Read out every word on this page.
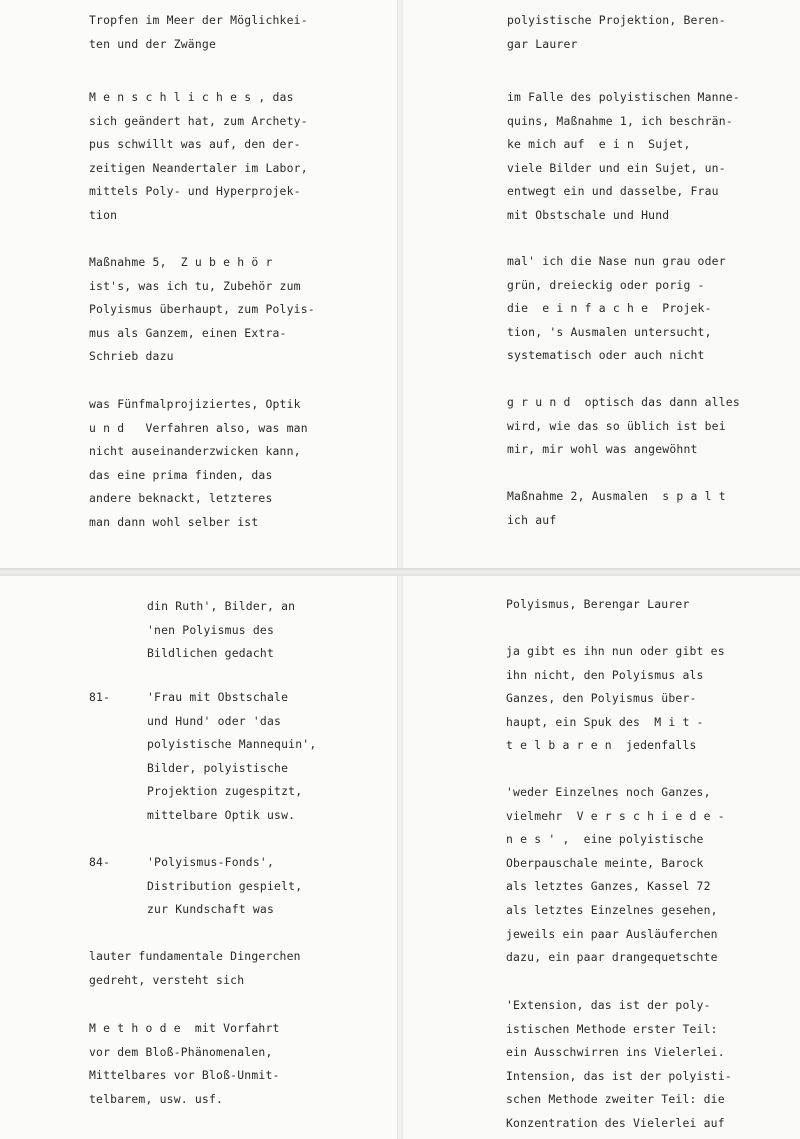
Tropfen im Meer der Möglichkei-
ten und der Zwänge
M e n s c h l i c h e s , das
sich geändert hat, zum Archety-
pus schwillt was auf, den der-
zeitigen Neandertaler im Labor,
mittels Poly- und Hyperprojek-
tion
Maßnahme 5,  Z u b e h ö r
ist's, was ich tu, Zubehör zum
Polyismus überhaupt, zum Polyis-
mus als Ganzem, einen Extra-
Schrieb dazu
was Fünfmalprojiziertes, Optik
u n d   Verfahren also, was man
nicht auseinanderzwicken kann,
das eine prima finden, das
andere beknackt, letzteres
man dann wohl selber ist
polyistische Projektion, Beren-
gar Laurer
im Falle des polyistischen Manne-
quins, Maßnahme 1, ich beschrän-
ke mich auf  e i n  Sujet,
viele Bilder und ein Sujet, un-
entwegt ein und dasselbe, Frau
mit Obstschale und Hund
mal' ich die Nase nun grau oder
grün, dreieckig oder porig -
die  e i n f a c h e  Projek-
tion, 's Ausmalen untersucht,
systematisch oder auch nicht
g r u n d  optisch das dann alles
wird, wie das so üblich ist bei
mir, mir wohl was angewöhnt
Maßnahme 2, Ausmalen  s p a l t
ich auf
din Ruth', Bilder, an
'nen Polyismus des
Bildlichen gedacht
81-	'Frau mit Obstschale
und Hund' oder 'das
polyistische Mannequin',
Bilder, polyistische
Projektion zugespitzt,
mittelbare Optik usw.
84-	'Polyismus-Fonds',
Distribution gespielt,
zur Kundschaft was
lauter fundamentale Dingerchen
gedreht, versteht sich
M e t h o d e  mit Vorfahrt
vor dem Bloß-Phänomenalen,
Mittelbares vor Bloß-Unmit-
telbarem, usw. usf.
Polyismus, Berengar Laurer
ja gibt es ihn nun oder gibt es
ihn nicht, den Polyismus als
Ganzes, den Polyismus über-
haupt, ein Spuk des  M i t -
t e l b a r e n  jedenfalls
'weder Einzelnes noch Ganzes,
vielmehr  V e r s c h i e d e -
n e s ' ,  eine polyistische
Oberpauschale meinte, Barock
als letztes Ganzes, Kassel 72
als letztes Einzelnes gesehen,
jeweils ein paar Ausläuferchen
dazu, ein paar drangequetschte
'Extension, das ist der poly-
istischen Methode erster Teil:
ein Ausschwirren ins Vielerlei.
Intension, das ist der polyisti-
schen Methode zweiter Teil: die
Konzentration des Vielerlei auf
